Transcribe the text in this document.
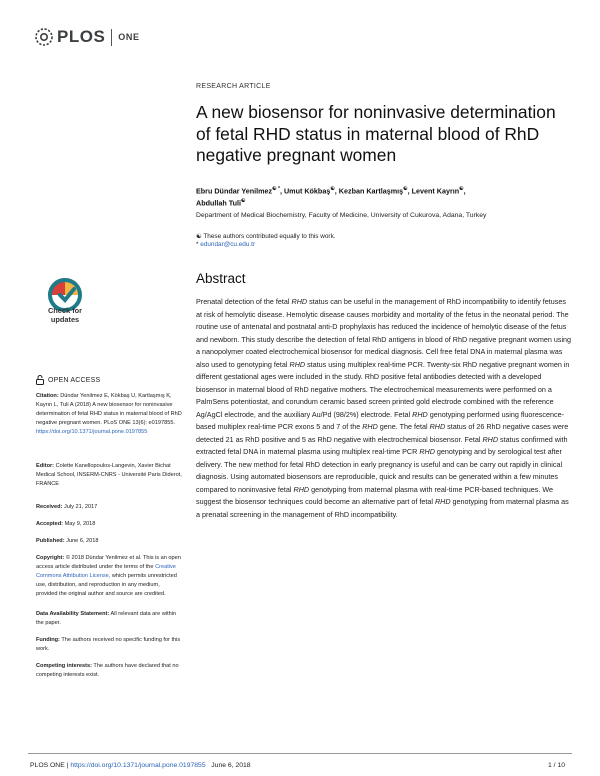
PLOS ONE
RESEARCH ARTICLE
A new biosensor for noninvasive determination of fetal RHD status in maternal blood of RhD negative pregnant women
Ebru Dündar Yenilmez☯ *, Umut Kökbaş☯, Kezban Kartlaşmış☯, Levent Kayrın☯,
Abdullah Tuli☯
Department of Medical Biochemistry, Faculty of Medicine, University of Cukurova, Adana, Turkey
☯ These authors contributed equally to this work.
* edundar@cu.edu.tr
Abstract

Prenatal detection of the fetal RHD status can be useful in the management of RhD incompatibility to identify fetuses at risk of hemolytic disease. Hemolytic disease causes morbidity and mortality of the fetus in the neonatal period. The routine use of antenatal and postnatal anti-D prophylaxis has reduced the incidence of hemolytic disease of the fetus and newborn. This study describe the detection of fetal RhD antigens in blood of RhD negative pregnant women using a nanopolymer coated electrochemical biosensor for medical diagnosis. Cell free fetal DNA in maternal plasma was also used to genotyping fetal RHD status using multiplex real-time PCR. Twenty-six RhD negative pregnant women in different gestational ages were included in the study. RhD positive fetal antibodies detected with a developed biosensor in maternal blood of RhD negative mothers. The electrochemical measurements were performed on a PalmSens potentiostat, and corundum ceramic based screen printed gold electrode combined with the reference Ag/AgCl electrode, and the auxiliary Au/Pd (98/2%) electrode. Fetal RHD genotyping performed using fluorescence-based multiplex real-time PCR exons 5 and 7 of the RHD gene. The fetal RHD status of 26 RhD negative cases were detected 21 as RhD positive and 5 as RhD negative with electrochemical biosensor. Fetal RHD status confirmed with extracted fetal DNA in maternal plasma using multiplex real-time PCR RHD genotyping and by serological test after delivery. The new method for fetal RhD detection in early pregnancy is useful and can be carry out rapidly in clinical diagnosis. Using automated biosensors are reproducible, quick and results can be generated within a few minutes compared to noninvasive fetal RHD genotyping from maternal plasma with real-time PCR-based techniques. We suggest the biosensor techniques could become an alternative part of fetal RHD genotyping from maternal plasma as a prenatal screening in the management of RhD incompatibility.

Check for updates
OPEN ACCESS

Citation: Dündar Yenilmez E, Kökbaş U, Kartlaşmış K, Kayrın L, Tuli A (2018) A new biosensor for noninvasive determination of fetal RHD status in maternal blood of RhD negative pregnant women. PLoS ONE 13(6): e0197855. https://doi.org/10.1371/journal.pone.0197855

Editor: Colette Kanellopoulos-Langevin, Xavier Bichat Medical School, INSERM-CNRS - Université Paris Diderot, FRANCE

Received: July 21, 2017

Accepted: May 9, 2018

Published: June 6, 2018

Copyright: © 2018 Dündar Yenilmez et al. This is an open access article distributed under the terms of the Creative Commons Attribution License, which permits unrestricted use, distribution, and reproduction in any medium, provided the original author and source are credited.

Data Availability Statement: All relevant data are within the paper.

Funding: The authors received no specific funding for this work.

Competing interests: The authors have declared that no competing interests exist.

PLOS ONE | https://doi.org/10.1371/journal.pone.0197855 June 6, 2018	1 / 10
